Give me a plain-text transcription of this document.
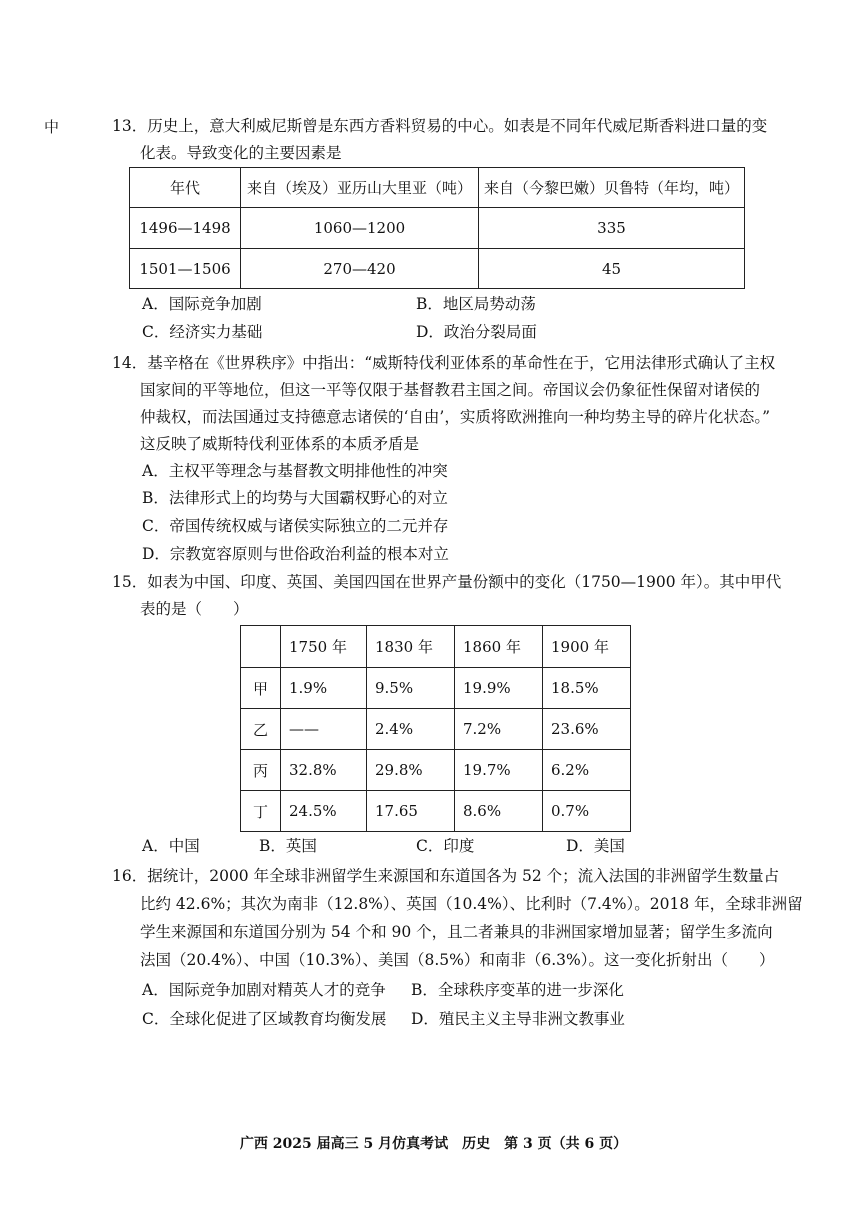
中	13．历史上，意大利威尼斯曾是东西方香料贸易的中心。如表是不同年代威尼斯香料进口量的变
化表。导致变化的主要因素是
年代	来自（埃及）亚历山大里亚（吨）	来自（今黎巴嫩）贝鲁特（年均，吨）
1496—1498	1060—1200	335
1501—1506	270—420	45
A．国际竞争加剧	B．地区局势动荡
C．经济实力基础	D．政治分裂局面
14．基辛格在《世界秩序》中指出：“威斯特伐利亚体系的革命性在于，它用法律形式确认了主权
国家间的平等地位，但这一平等仅限于基督教君主国之间。帝国议会仍象征性保留对诸侯的
仲裁权，而法国通过支持德意志诸侯的‘自由’，实质将欧洲推向一种均势主导的碎片化状态。”
这反映了威斯特伐利亚体系的本质矛盾是
A．主权平等理念与基督教文明排他性的冲突
B．法律形式上的均势与大国霸权野心的对立
C．帝国传统权威与诸侯实际独立的二元并存
D．宗教宽容原则与世俗政治利益的根本对立
15．如表为中国、印度、英国、美国四国在世界产量份额中的变化（1750—1900 年）。其中甲代
表的是（　　）
	1750 年	1830 年	1860 年	1900 年
甲	1.9%	9.5%	19.9%	18.5%
乙	——	2.4%	7.2%	23.6%
丙	32.8%	29.8%	19.7%	6.2%
丁	24.5%	17.65	8.6%	0.7%
A．中国	B．英国	C．印度	D．美国
16．据统计，2000 年全球非洲留学生来源国和东道国各为 52 个；流入法国的非洲留学生数量占
比约 42.6%；其次为南非（12.8%）、英国（10.4%）、比利时（7.4%）。2018 年，全球非洲留
学生来源国和东道国分别为 54 个和 90 个，且二者兼具的非洲国家增加显著；留学生多流向
法国（20.4%）、中国（10.3%）、美国（8.5%）和南非（6.3%）。这一变化折射出（　　）
A．国际竞争加剧对精英人才的竞争 B．全球秩序变革的进一步深化
C．全球化促进了区域教育均衡发展 D．殖民主义主导非洲文教事业
广西 2025 届高三 5 月仿真考试　历史　第 3 页（共 6 页）
